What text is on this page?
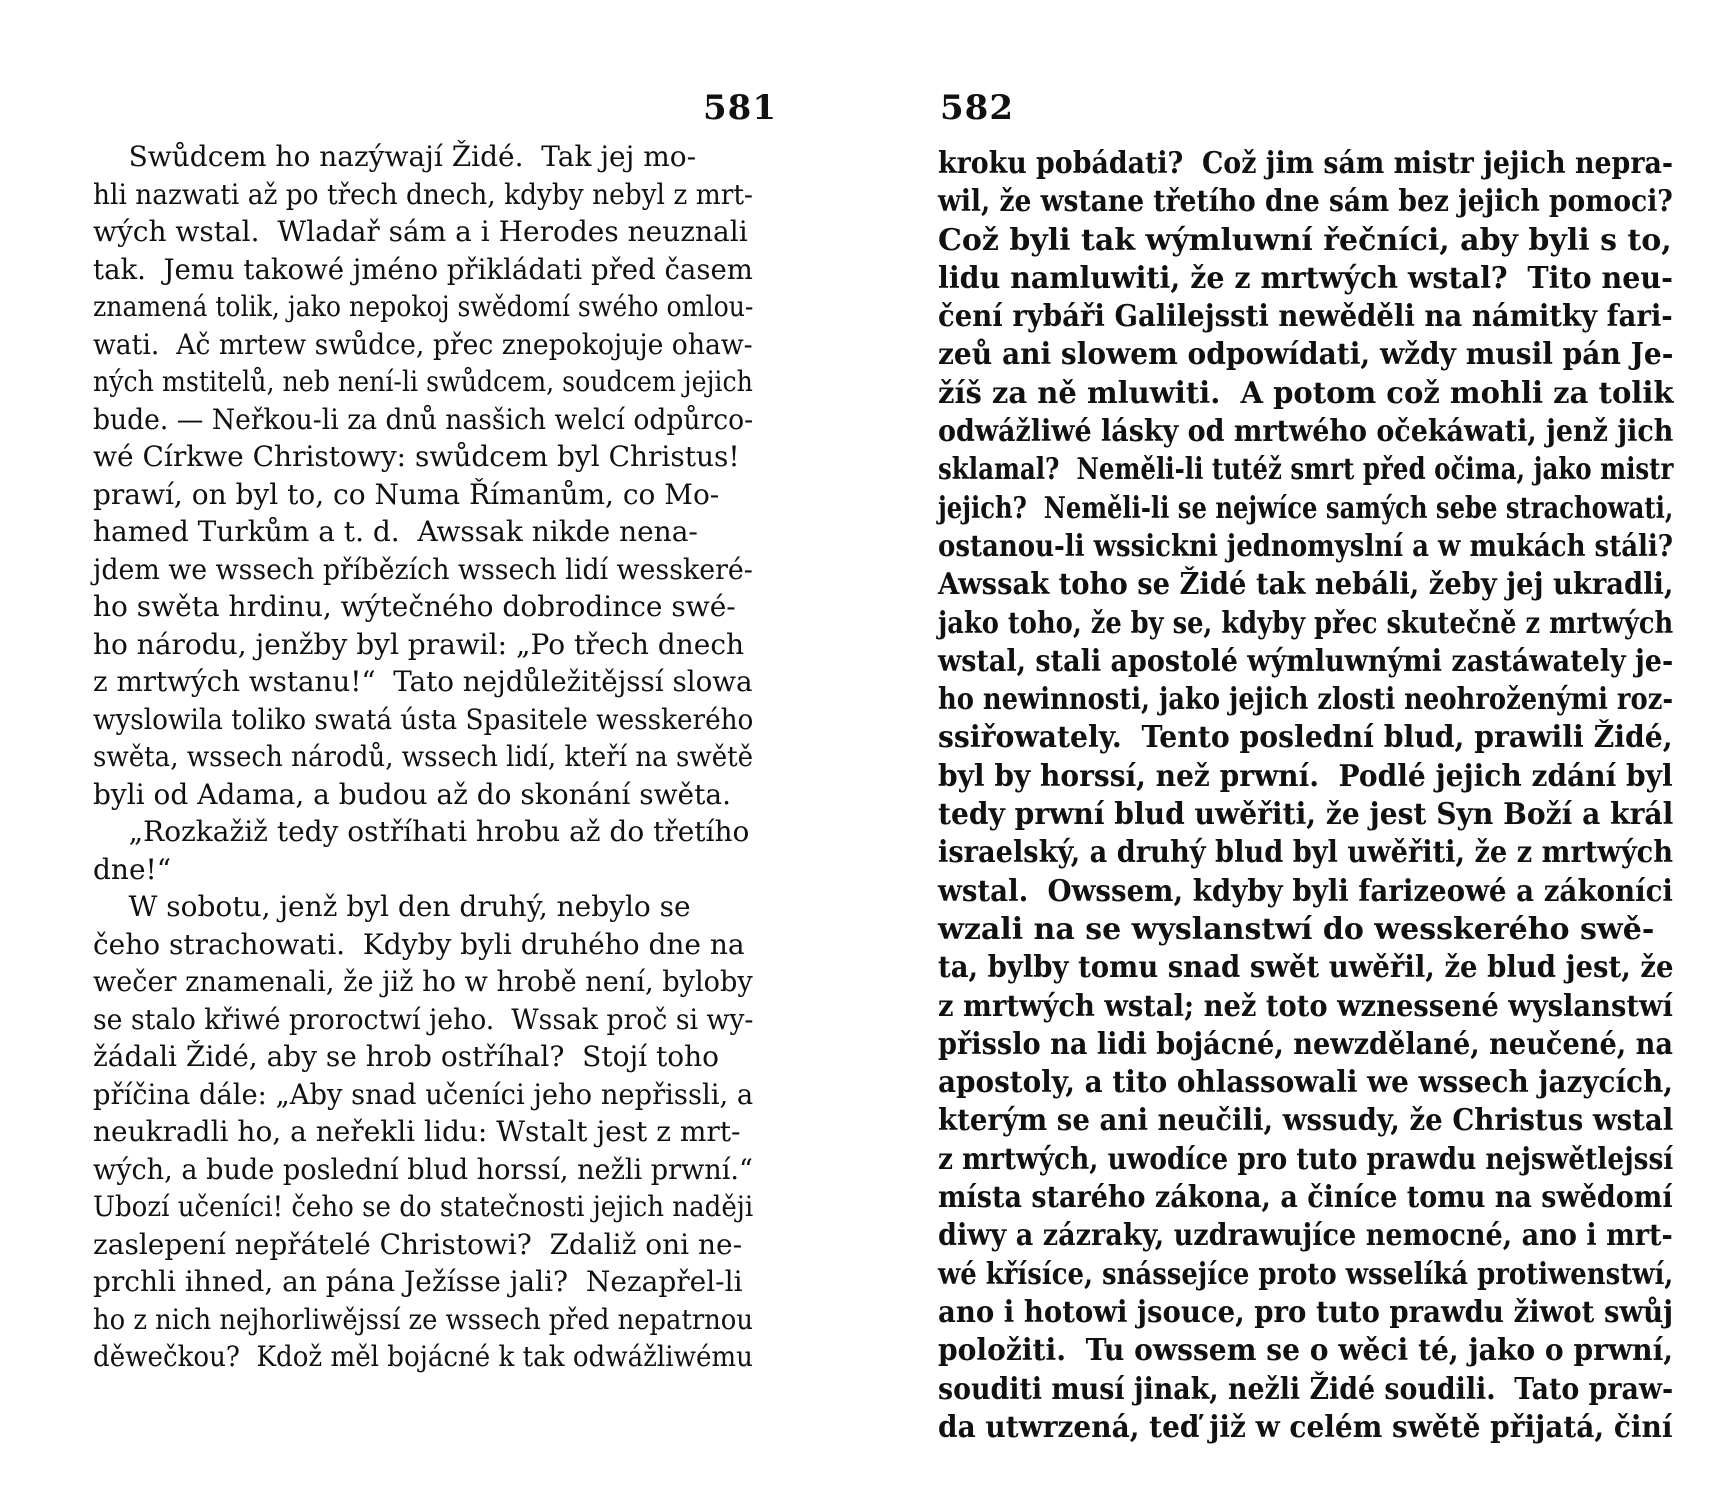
581
Swůdcem ho nazýwají Židé.  Tak jej mo-
hli nazwati až po třech dnech, kdyby nebyl z mrt-
wých wstal.  Wladař sám a i Herodes neuznali
tak.  Jemu takowé jméno přikládati před časem
znamená tolik, jako nepokoj swědomí swého omlou-
wati.  Ač mrtew swůdce, přec znepokojuje ohaw-
ných mstitelů, neb není-li swůdcem, soudcem jejich
bude. — Neřkou-li za dnů nasšich welcí odpůrco-
wé Církwe Christowy: swůdcem byl Christus!
prawí, on byl to, co Numa Římanům, co Mo-
hamed Turkům a t. d.  Awssak nikde nena-
jdem we wssech příbězích wssech lidí wesskeré-
ho swěta hrdinu, wýtečného dobrodince swé-
ho národu, jenžby byl prawil: „Po třech dnech
z mrtwých wstanu!“  Tato nejdůležitějssí slowa
wyslowila toliko swatá ústa Spasitele wesskerého
swěta, wssech národů, wssech lidí, kteří na swětě
byli od Adama, a budou až do skonání swěta.
„Rozkažiž tedy ostříhati hrobu až do třetího
dne!“
W sobotu, jenž byl den druhý, nebylo se
čeho strachowati.  Kdyby byli druhého dne na
wečer znamenali, že již ho w hrobě není, byloby
se stalo křiwé proroctwí jeho.  Wssak proč si wy-
žádali Židé, aby se hrob ostříhal?  Stojí toho
příčina dále: „Aby snad učeníci jeho nepřissli, a
neukradli ho, a neřekli lidu: Wstalt jest z mrt-
wých, a bude poslední blud horssí, nežli prwní.“
Ubozí učeníci! čeho se do statečnosti jejich naději
zaslepení nepřátelé Christowi?  Zdaliž oni ne-
prchli ihned, an pána Ježísse jali?  Nezapřel-li
ho z nich nejhorliwějssí ze wssech před nepatrnou
děwečkou?  Kdož měl bojácné k tak odwážliwému
582
kroku pobádati?  Což jim sám mistr jejich nepra-
wil, že wstane třetího dne sám bez jejich pomoci?
Což byli tak wýmluwní řečníci, aby byli s to,
lidu namluwiti, že z mrtwých wstal?  Tito neu-
čení rybáři Galilejssti newěděli na námitky fari-
zeů ani slowem odpowídati, wždy musil pán Je-
žíš za ně mluwiti.  A potom což mohli za tolik
odwážliwé lásky od mrtwého očekáwati, jenž jich
sklamal?  Neměli-li tutéž smrt před očima, jako mistr
jejich?  Neměli-li se nejwíce samých sebe strachowati,
ostanou-li wssickni jednomyslní a w mukách stáli?
Awssak toho se Židé tak nebáli, žeby jej ukradli,
jako toho, že by se, kdyby přec skutečně z mrtwých
wstal, stali apostolé wýmluwnými zastáwately je-
ho newinnosti, jako jejich zlosti neohroženými roz-
ssiřowately.  Tento poslední blud, prawili Židé,
byl by horssí, než prwní.  Podlé jejich zdání byl
tedy prwní blud uwěřiti, že jest Syn Boží a král
israelský, a druhý blud byl uwěřiti, že z mrtwých
wstal.  Owssem, kdyby byli farizeowé a zákoníci
wzali na se wyslanstwí do wesskerého swě-
ta, bylby tomu snad swět uwěřil, že blud jest, že
z mrtwých wstal; než toto wznessené wyslanstwí
přisslo na lidi bojácné, newzdělané, neučené, na
apostoly, a tito ohlassowali we wssech jazycích,
kterým se ani neučili, wssudy, že Christus wstal
z mrtwých, uwodíce pro tuto prawdu nejswětlejssí
místa starého zákona, a činíce tomu na swědomí
diwy a zázraky, uzdrawujíce nemocné, ano i mrt-
wé křísíce, snássejíce proto wsselíká protiwenstwí,
ano i hotowi jsouce, pro tuto prawdu žiwot swůj
položiti.  Tu owssem se o wěci té, jako o prwní,
souditi musí jinak, nežli Židé soudili.  Tato praw-
da utwrzená, teď již w celém swětě přijatá, činí
